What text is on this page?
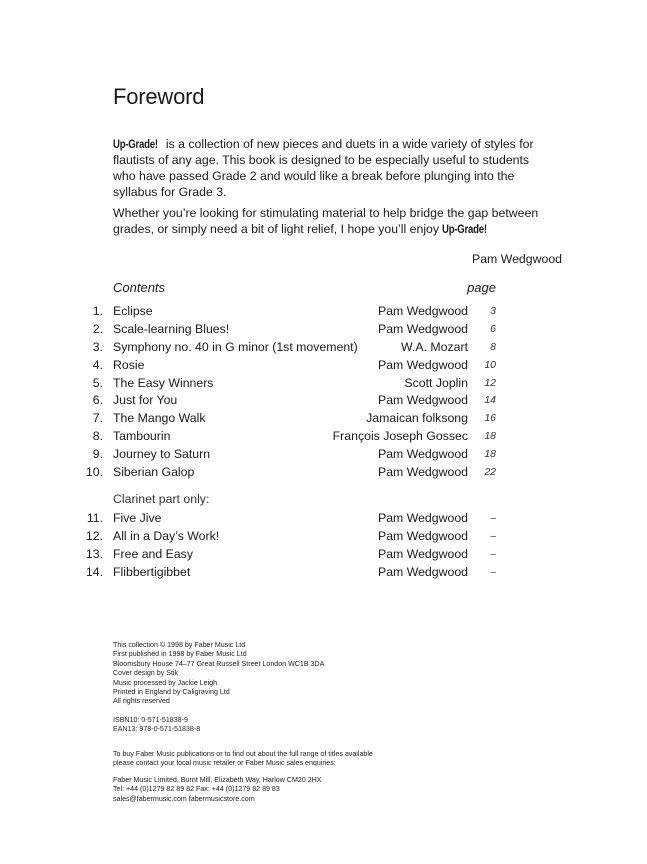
Foreword

Up-Grade! is a collection of new pieces and duets in a wide variety of styles for flautists of any age. This book is designed to be especially useful to students who have passed Grade 2 and would like a break before plunging into the syllabus for Grade 3.

Whether you’re looking for stimulating material to help bridge the gap between grades, or simply need a bit of light relief, I hope you’ll enjoy Up-Grade!

Pam Wedgwood
Contents	page
1. Eclipse	Pam Wedgwood	3
2. Scale-learning Blues!	Pam Wedgwood	6
3. Symphony no. 40 in G minor (1st movement)	W.A. Mozart	8
4. Rosie	Pam Wedgwood	10
5. The Easy Winners	Scott Joplin	12
6. Just for You	Pam Wedgwood	14
7. The Mango Walk	Jamaican folksong	16
8. Tambourin	François Joseph Gossec	18
9. Journey to Saturn	Pam Wedgwood	18
10. Siberian Galop	Pam Wedgwood	22
Clarinet part only:
11. Five Jive	Pam Wedgwood	–
12. All in a Day’s Work!	Pam Wedgwood	–
13. Free and Easy	Pam Wedgwood	–
14. Flibbertigibbet	Pam Wedgwood	–
This collection © 1998 by Faber Music Ltd
First published in 1998 by Faber Music Ltd
Bloomsbury House 74–77 Great Russell Street London WC1B 3DA
Cover design by Stik
Music processed by Jackie Leigh
Printed in England by Caligraving Ltd
All rights reserved
ISBN10: 0-571-51838-9
EAN13: 978-0-571-51838-8
To buy Faber Music publications or to find out about the full range of titles available
please contact your local music retailer or Faber Music sales enquiries:
Faber Music Limited, Burnt Mill, Elizabeth Way, Harlow CM20 2HX
Tel: +44 (0)1279 82 89 82 Fax: +44 (0)1279 82 89 83
sales@fabermusic.com fabermusicstore.com
